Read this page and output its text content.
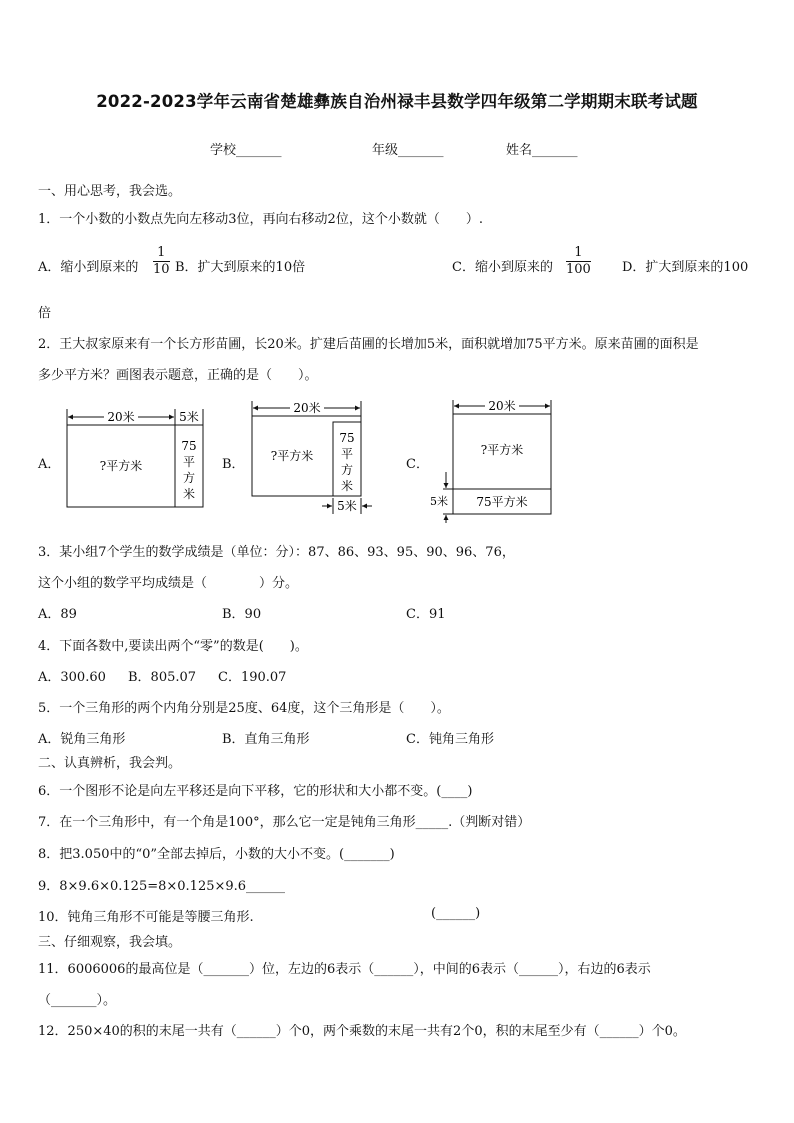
2022-2023学年云南省楚雄彝族自治州禄丰县数学四年级第二学期期末联考试题
学校_______	年级_______	姓名_______
一、用心思考，我会选。
1．一个小数的小数点先向左移动3位，再向右移动2位，这个小数就（　　）.
A．缩小到原来的 $\frac{1}{10}$ B．扩大到原来的10倍	C．缩小到原来的 $\frac{1}{100}$ D．扩大到原来的100
倍
2．王大叔家原来有一个长方形苗圃，长20米。扩建后苗圃的长增加5米，面积就增加75平方米。原来苗圃的面积是
多少平方米？画图表示题意，正确的是（　　）。
A．	B．	C．
20米	5米
?平方米
75
平
方
米
20米
?平方米
75
平
方
米
5米
20米
?平方米
75平方米
5米
3．某小组7个学生的数学成绩是（单位：分）：87、86、93、95、90、96、76，
这个小组的数学平均成绩是（　　　　）分。
A．89	B．90	C．91
4．下面各数中,要读出两个“零”的数是(　　)。
A．300.60 B．805.07 C．190.07
5．一个三角形的两个内角分别是25度、64度，这个三角形是（　　）。
A．锐角三角形	B．直角三角形	C．钝角三角形
二、认真辨析，我会判。
6．一个图形不论是向左平移还是向下平移，它的形状和大小都不变。(____)
7．在一个三角形中，有一个角是100°，那么它一定是钝角三角形_____.（判断对错）
8．把3.050中的“0”全部去掉后，小数的大小不变。(_______)
9．8×9.6×0.125=8×0.125×9.6______
10．钝角三角形不可能是等腰三角形.	(______)
三、仔细观察，我会填。
11．6006006的最高位是（_______）位，左边的6表示（______），中间的6表示（______），右边的6表示
（_______）。
12．250×40的积的末尾一共有（______）个0，两个乘数的末尾一共有2个0，积的末尾至少有（______）个0。
